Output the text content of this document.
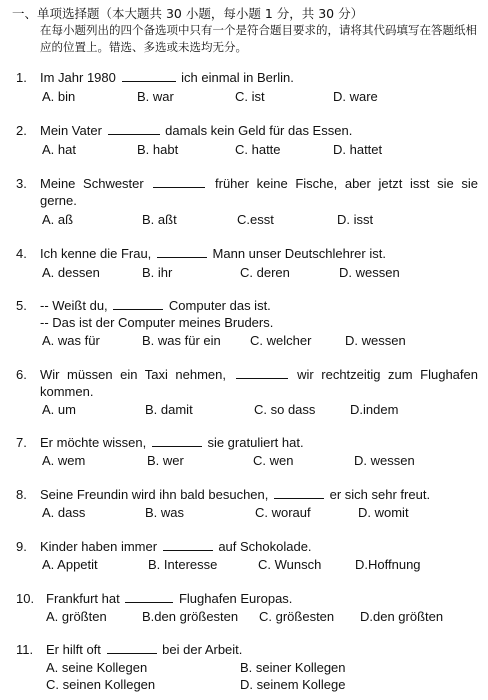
一、单项选择题（本大题共 30 小题，每小题 1 分，共 30 分）
在每小题列出的四个备选项中只有一个是符合题目要求的，请将其代码填写在答题纸相应的位置上。错选、多选或未选均无分。
1. Im Jahr 1980	ich einmal in Berlin.
A. bin	B. war	C. ist	D. ware
2. Mein Vater	damals kein Geld für das Essen.
A. hat	B. habt	C. hatte	D. hattet
3. Meine Schwester	früher keine Fische, aber jetzt isst sie sie gerne.
A. aß	B. aßt	C.esst	D. isst
4. Ich kenne die Frau,	Mann unser Deutschlehrer ist.
A. dessen	B. ihr	C. deren	D. wessen
5. -- Weißt du,	Computer das ist.
-- Das ist der Computer meines Bruders.
A. was für	B. was für ein C. welcher	D. wessen
6. Wir müssen ein Taxi nehmen,	wir rechtzeitig zum Flughafen kommen.
A. um	B. damit	C. so dass	D.indem
7. Er möchte wissen,	sie gratuliert hat.
A. wem	B. wer	C. wen	D. wessen
8. Seine Freundin wird ihn bald besuchen,	er sich sehr freut.
A. dass	B. was	C. worauf	D. womit
9. Kinder haben immer	auf Schokolade.
A. Appetit	B. Interesse	C. Wunsch	D.Hoffnung
10. Frankfurt hat	Flughafen Europas.
A. größten	B.den größesten C. größesten D.den größten
11. Er hilft oft	bei der Arbeit.
A. seine Kollegen	B. seiner Kollegen
C. seinen Kollegen	D. seinem Kollege
